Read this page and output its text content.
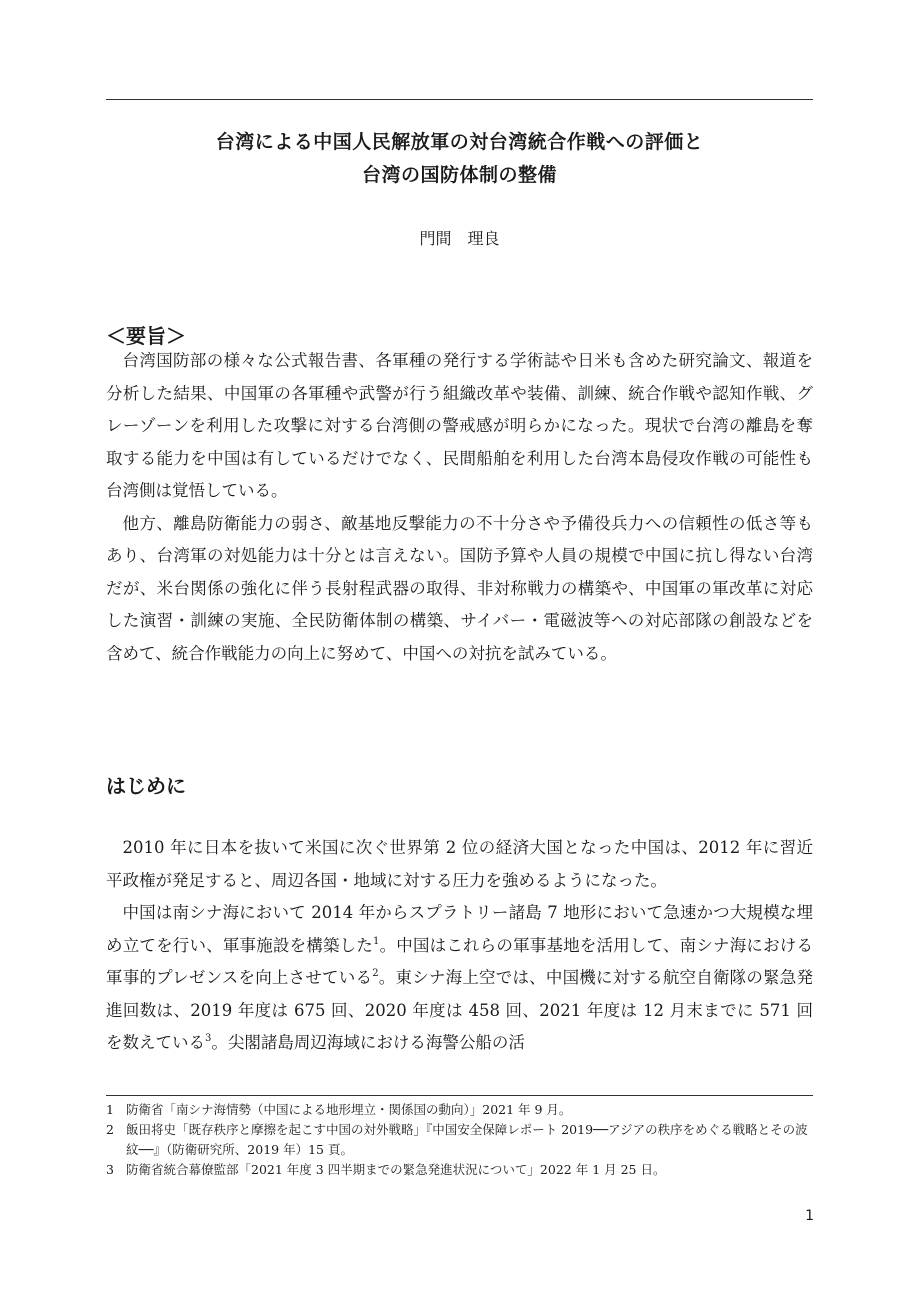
台湾による中国人民解放軍の対台湾統合作戦への評価と
台湾の国防体制の整備
門間　理良
＜要旨＞

台湾国防部の様々な公式報告書、各軍種の発行する学術誌や日米も含めた研究論文、報道を分析した結果、中国軍の各軍種や武警が行う組織改革や装備、訓練、統合作戦や認知作戦、グレーゾーンを利用した攻撃に対する台湾側の警戒感が明らかになった。現状で台湾の離島を奪取する能力を中国は有しているだけでなく、民間船舶を利用した台湾本島侵攻作戦の可能性も台湾側は覚悟している。

他方、離島防衛能力の弱さ、敵基地反撃能力の不十分さや予備役兵力への信頼性の低さ等もあり、台湾軍の対処能力は十分とは言えない。国防予算や人員の規模で中国に抗し得ない台湾だが、米台関係の強化に伴う長射程武器の取得、非対称戦力の構築や、中国軍の軍改革に対応した演習・訓練の実施、全民防衛体制の構築、サイバー・電磁波等への対応部隊の創設などを含めて、統合作戦能力の向上に努めて、中国への対抗を試みている。

はじめに

2010 年に日本を抜いて米国に次ぐ世界第 2 位の経済大国となった中国は、2012 年に習近平政権が発足すると、周辺各国・地域に対する圧力を強めるようになった。

中国は南シナ海において 2014 年からスプラトリー諸島 7 地形において急速かつ大規模な埋め立てを行い、軍事施設を構築した$^1$。中国はこれらの軍事基地を活用して、南シナ海における軍事的プレゼンスを向上させている$^2$。東シナ海上空では、中国機に対する航空自衛隊の緊急発進回数は、2019 年度は 675 回、2020 年度は 458 回、2021 年度は 12 月末までに 571 回を数えている$^3$。尖閣諸島周辺海域における海警公船の活

1 防衛省「南シナ海情勢（中国による地形埋立・関係国の動向）」2021 年 9 月。
2 飯田将史「既存秩序と摩擦を起こす中国の対外戦略」『中国安全保障レポート 2019──アジアの秩序をめぐる戦略とその波紋──』（防衛研究所、2019 年）15 頁。
3 防衛省統合幕僚監部「2021 年度 3 四半期までの緊急発進状況について」2022 年 1 月 25 日。
1
